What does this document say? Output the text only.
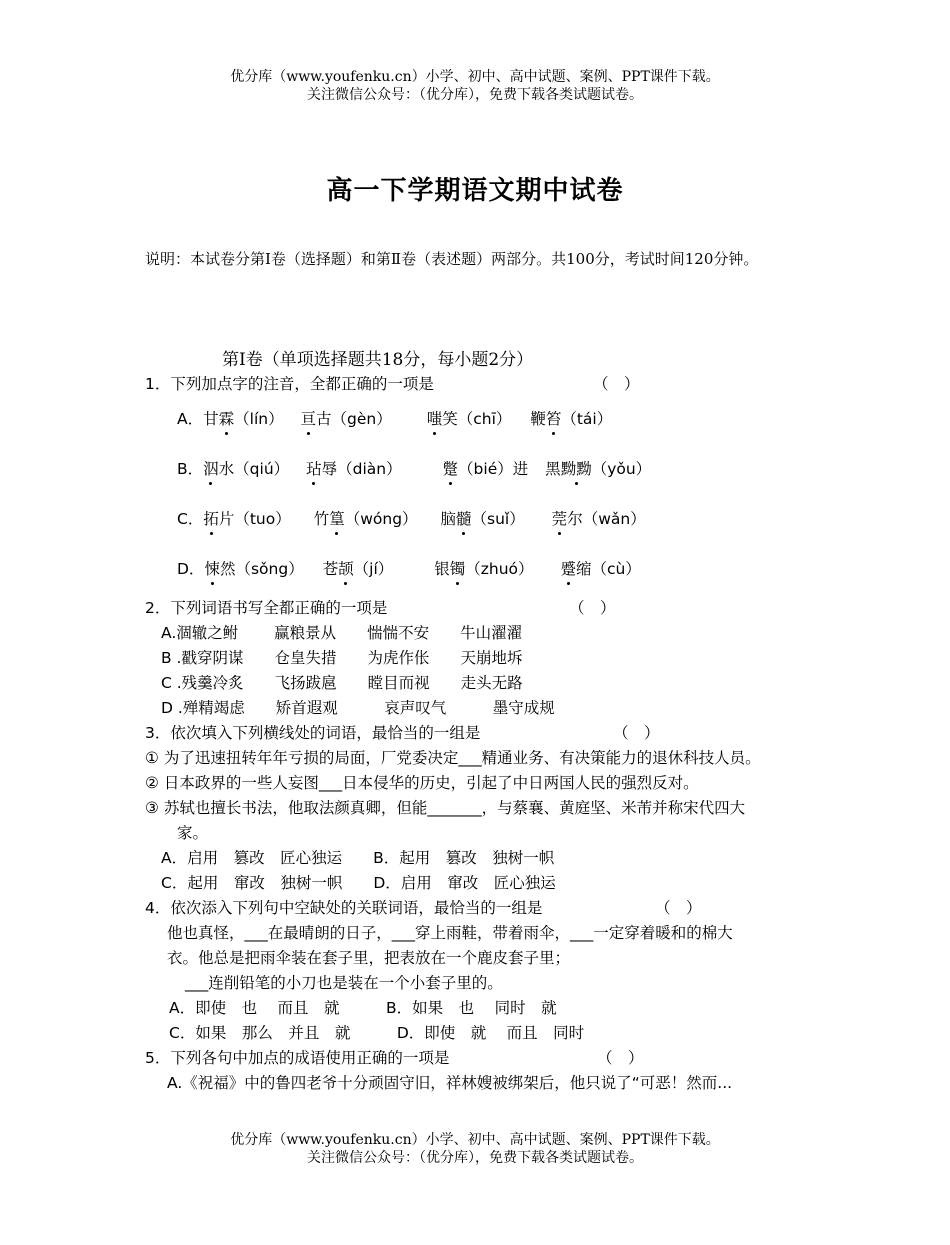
优分库（www.youfenku.cn）小学、初中、高中试题、案例、PPT课件下载。
关注微信公众号：（优分库），免费下载各类试题试卷。
高一下学期语文期中试卷
说明：本试卷分第Ⅰ卷（选择题）和第Ⅱ卷（表述题）两部分。共100分，考试时间120分钟。
第Ⅰ卷（单项选择题共18分，每小题2分）
1．下列加点字的注音，全都正确的一项是	（　）
A．甘霖（lín） 亘古（gèn） 嗤笑（chī） 鞭笞（tái）
B．泅水（qiú） 玷辱（diàn）	蹩（bié）进 黑黝黝（yǒu）
C．拓片（tuo） 竹篁（wóng） 脑髓（suǐ） 莞尔（wǎn）
D．悚然（sǒng） 苍颉（jí）	银镯（zhuó） 蹙缩（cù）
2．下列词语书写全都正确的一项是	（　）
A.涸辙之鲋　　 赢粮景从　　惴惴不安　　牛山濯濯
B .戳穿阴谋　　仓皇失措　　为虎作伥　　天崩地坼
C .残羹冷炙　　飞扬跋扈　　瞠目而视　　走头无路
D .殚精竭虑　　矫首遐观　　　哀声叹气　　　墨守成规
3．依次填入下列横线处的词语，最恰当的一组是	（　）
① 为了迅速扭转年年亏损的局面，厂党委决定___精通业务、有决策能力的退休科技人员。
② 日本政界的一些人妄图___日本侵华的历史，引起了中日两国人民的强烈反对。
③ 苏轼也擅长书法，他取法颜真卿，但能_______，与蔡襄、黄庭坚、米芾并称宋代四大
家。
A．启用　篡改　匠心独运　　B．起用　篡改　独树一帜
C．起用　窜改　独树一帜　　D．启用　窜改　匠心独运
4．依次添入下列句中空缺处的关联词语，最恰当的一组是	（　）
他也真怪，___在最晴朗的日子，___穿上雨鞋，带着雨伞，___一定穿着暖和的棉大
衣。他总是把雨伞装在套子里，把表放在一个鹿皮套子里；
___连削铅笔的小刀也是装在一个小套子里的。
A．即使　也　 而且　就　　　B．如果　也　 同时　就
C．如果　那么　并且　就　　　D．即使　就　 而且　同时
5．下列各句中加点的成语使用正确的一项是	（　）
A.《祝福》中的鲁四老爷十分顽固守旧，祥林嫂被绑架后，他只说了“可恶！然而...
优分库（www.youfenku.cn）小学、初中、高中试题、案例、PPT课件下载。
关注微信公众号：（优分库），免费下载各类试题试卷。
